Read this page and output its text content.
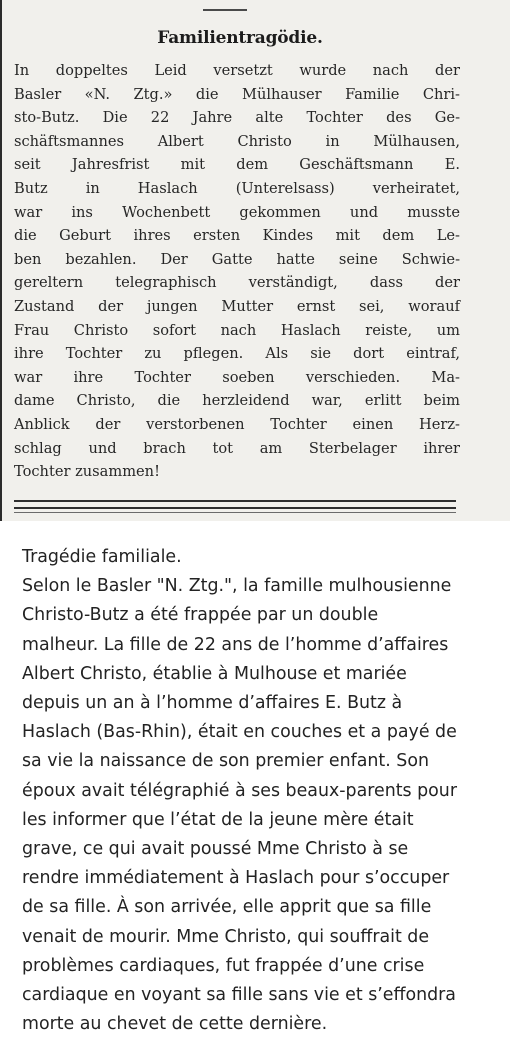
Familientragödie.
In doppeltes Leid versetzt wurde nach der
Basler «N. Ztg.» die Mülhauser Familie Chri-
sto-Butz. Die 22 Jahre alte Tochter des Ge-
schäftsmannes Albert Christo in Mülhausen,
seit Jahresfrist mit dem Geschäftsmann E.
Butz in Haslach (Unterelsass) verheiratet,
war ins Wochenbett gekommen und musste
die Geburt ihres ersten Kindes mit dem Le-
ben bezahlen. Der Gatte hatte seine Schwie-
gereltern telegraphisch verständigt, dass der
Zustand der jungen Mutter ernst sei, worauf
Frau Christo sofort nach Haslach reiste, um
ihre Tochter zu pflegen. Als sie dort eintraf,
war ihre Tochter soeben verschieden. Ma-
dame Christo, die herzleidend war, erlitt beim
Anblick der verstorbenen Tochter einen Herz-
schlag und brach tot am Sterbelager ihrer
Tochter zusammen!
Tragédie familiale.
Selon le Basler "N. Ztg.", la famille mulhousienne
Christo-Butz a été frappée par un double
malheur. La fille de 22 ans de l’homme d’affaires
Albert Christo, établie à Mulhouse et mariée
depuis un an à l’homme d’affaires E. Butz à
Haslach (Bas-Rhin), était en couches et a payé de
sa vie la naissance de son premier enfant. Son
époux avait télégraphié à ses beaux-parents pour
les informer que l’état de la jeune mère était
grave, ce qui avait poussé Mme Christo à se
rendre immédiatement à Haslach pour s’occuper
de sa fille. À son arrivée, elle apprit que sa fille
venait de mourir. Mme Christo, qui souffrait de
problèmes cardiaques, fut frappée d’une crise
cardiaque en voyant sa fille sans vie et s’effondra
morte au chevet de cette dernière.
